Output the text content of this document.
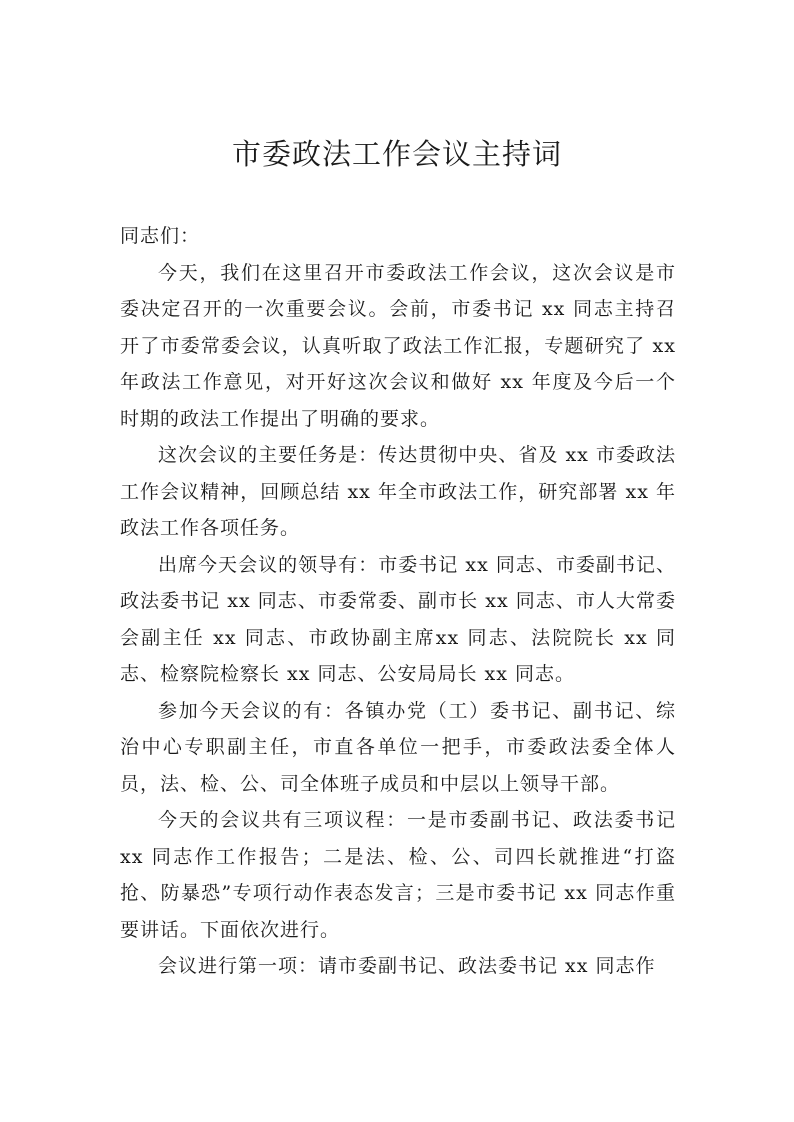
市委政法工作会议主持词

同志们：

今天，我们在这里召开市委政法工作会议，这次会议是市委决定召开的一次重要会议。会前，市委书记 xx 同志主持召开了市委常委会议，认真听取了政法工作汇报，专题研究了 xx 年政法工作意见，对开好这次会议和做好 xx 年度及今后一个时期的政法工作提出了明确的要求。

这次会议的主要任务是：传达贯彻中央、省及 xx 市委政法工作会议精神，回顾总结 xx 年全市政法工作，研究部署 xx 年政法工作各项任务。

出席今天会议的领导有：市委书记 xx 同志、市委副书记、政法委书记 xx 同志、市委常委、副市长 xx 同志、市人大常委会副主任 xx 同志、市政协副主席xx 同志、法院院长 xx 同志、检察院检察长 xx 同志、公安局局长 xx 同志。

参加今天会议的有：各镇办党（工）委书记、副书记、综治中心专职副主任，市直各单位一把手，市委政法委全体人员，法、检、公、司全体班子成员和中层以上领导干部。

今天的会议共有三项议程：一是市委副书记、政法委书记 xx 同志作工作报告；二是法、检、公、司四长就推进“打盗抢、防暴恐”专项行动作表态发言；三是市委书记 xx 同志作重要讲话。下面依次进行。

会议进行第一项：请市委副书记、政法委书记 xx 同志作
